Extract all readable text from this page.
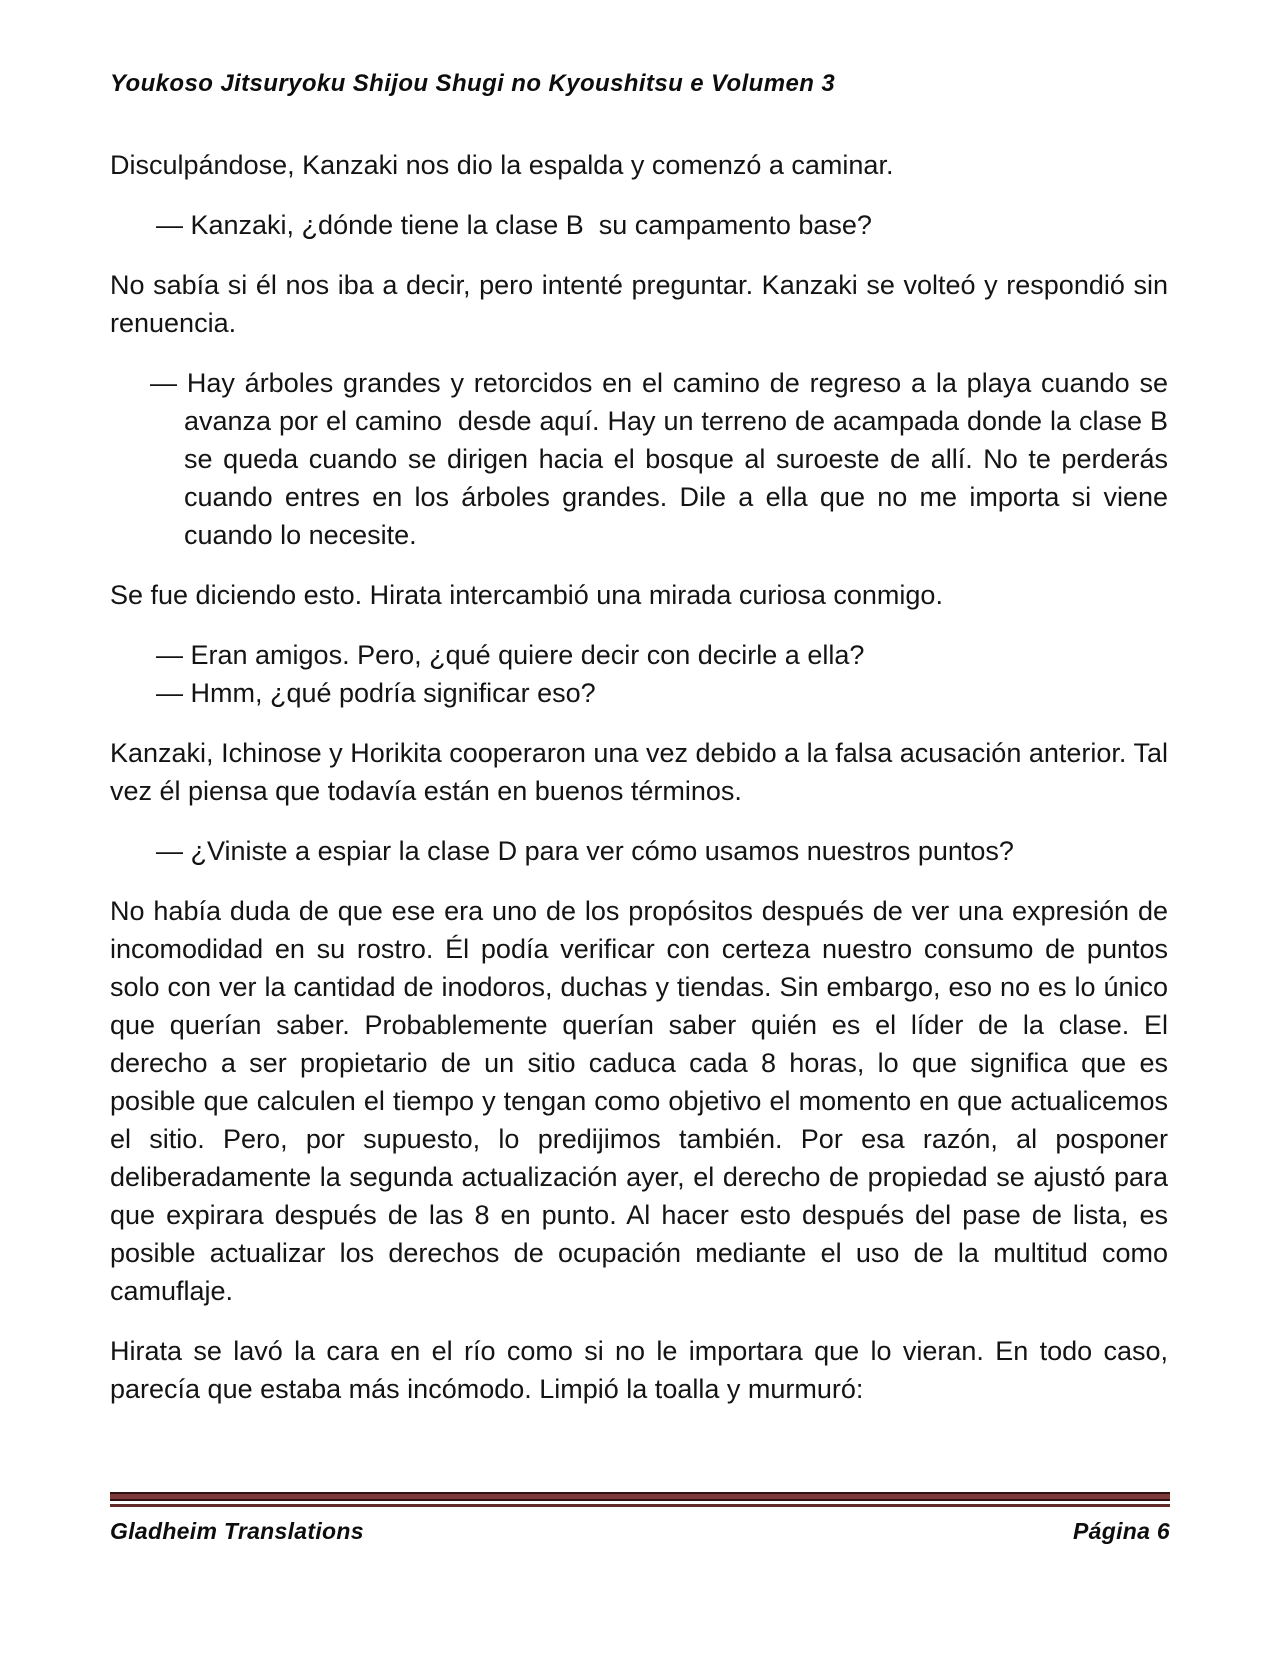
Youkoso Jitsuryoku Shijou Shugi no Kyoushitsu e Volumen 3

Disculpándose, Kanzaki nos dio la espalda y comenzó a caminar.

— Kanzaki, ¿dónde tiene la clase B  su campamento base?

No sabía si él nos iba a decir, pero intenté preguntar. Kanzaki se volteó y respondió sin renuencia.

— Hay árboles grandes y retorcidos en el camino de regreso a la playa cuando se avanza por el camino  desde aquí. Hay un terreno de acampada donde la clase B se queda cuando se dirigen hacia el bosque al suroeste de allí. No te perderás cuando entres en los árboles grandes. Dile a ella que no me importa si viene cuando lo necesite.

Se fue diciendo esto. Hirata intercambió una mirada curiosa conmigo.

— Eran amigos. Pero, ¿qué quiere decir con decirle a ella?

— Hmm, ¿qué podría significar eso?

Kanzaki, Ichinose y Horikita cooperaron una vez debido a la falsa acusación anterior. Tal vez él piensa que todavía están en buenos términos.

— ¿Viniste a espiar la clase D para ver cómo usamos nuestros puntos?

No había duda de que ese era uno de los propósitos después de ver una expresión de incomodidad en su rostro. Él podía verificar con certeza nuestro consumo de puntos solo con ver la cantidad de inodoros, duchas y tiendas. Sin embargo, eso no es lo único que querían saber. Probablemente querían saber quién es el líder de la clase. El derecho a ser propietario de un sitio caduca cada 8 horas, lo que significa que es posible que calculen el tiempo y tengan como objetivo el momento en que actualicemos el sitio. Pero, por supuesto, lo predijimos también. Por esa razón, al posponer deliberadamente la segunda actualización ayer, el derecho de propiedad se ajustó para que expirara después de las 8 en punto. Al hacer esto después del pase de lista, es posible actualizar los derechos de ocupación mediante el uso de la multitud como camuflaje.

Hirata se lavó la cara en el río como si no le importara que lo vieran. En todo caso, parecía que estaba más incómodo. Limpió la toalla y murmuró:

Gladheim Translations	Página 6
